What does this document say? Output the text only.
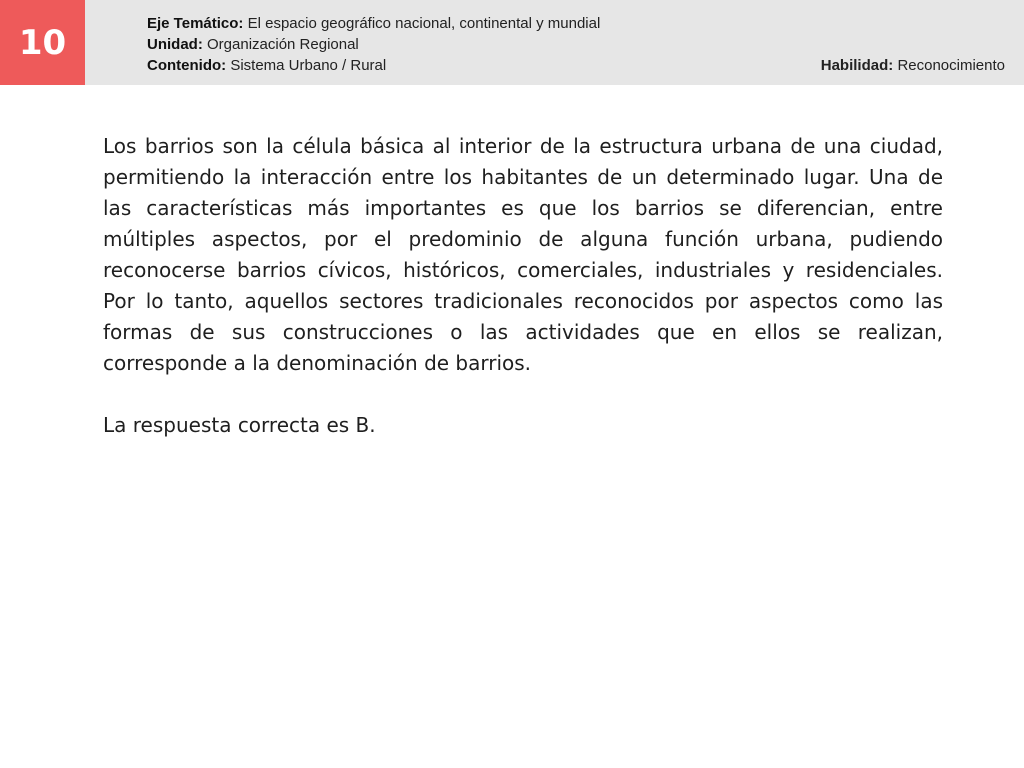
10	Eje Temático: El espacio geográfico nacional, continental y mundial
Unidad: Organización Regional
Contenido: Sistema Urbano / Rural	Habilidad: Reconocimiento

Los barrios son la célula básica al interior de la estructura urbana de una ciudad, permitiendo la interacción entre los habitantes de un determinado lugar. Una de las características más importantes es que los barrios se diferencian, entre múltiples aspectos, por el predominio de alguna función urbana, pudiendo reconocerse barrios cívicos, históricos, comerciales, industriales y residenciales. Por lo tanto, aquellos sectores tradicionales reconocidos por aspectos como las formas de sus construcciones o las actividades que en ellos se realizan, corresponde a la denominación de barrios.

La respuesta correcta es B.
